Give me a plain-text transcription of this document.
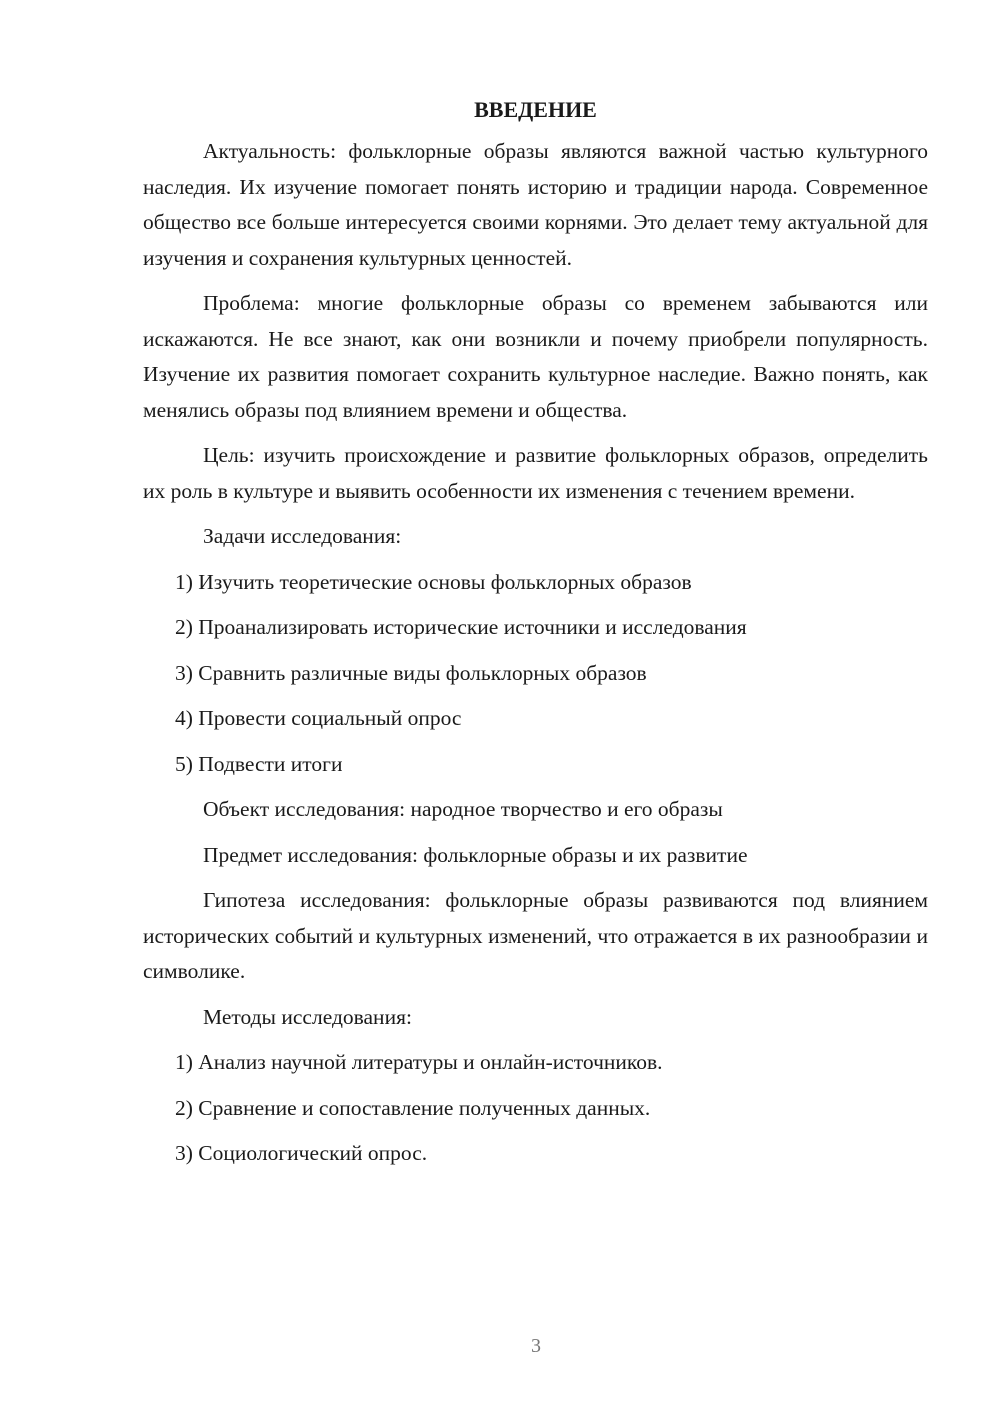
ВВЕДЕНИЕ
Актуальность: фольклорные образы являются важной частью культурного наследия. Их изучение помогает понять историю и традиции народа. Современное общество все больше интересуется своими корнями. Это делает тему актуальной для изучения и сохранения культурных ценностей.
Проблема: многие фольклорные образы со временем забываются или искажаются. Не все знают, как они возникли и почему приобрели популярность. Изучение их развития помогает сохранить культурное наследие. Важно понять, как менялись образы под влиянием времени и общества.
Цель: изучить происхождение и развитие фольклорных образов, определить их роль в культуре и выявить особенности их изменения с течением времени.
Задачи исследования:
1) Изучить теоретические основы фольклорных образов
2) Проанализировать исторические источники и исследования
3) Сравнить различные виды фольклорных образов
4) Провести социальный опрос
5) Подвести итоги
Объект исследования: народное творчество и его образы
Предмет исследования: фольклорные образы и их развитие
Гипотеза исследования: фольклорные образы развиваются под влиянием исторических событий и культурных изменений, что отражается в их разнообразии и символике.
Методы исследования:
1) Анализ научной литературы и онлайн-источников.
2) Сравнение и сопоставление полученных данных.
3) Социологический опрос.
3
